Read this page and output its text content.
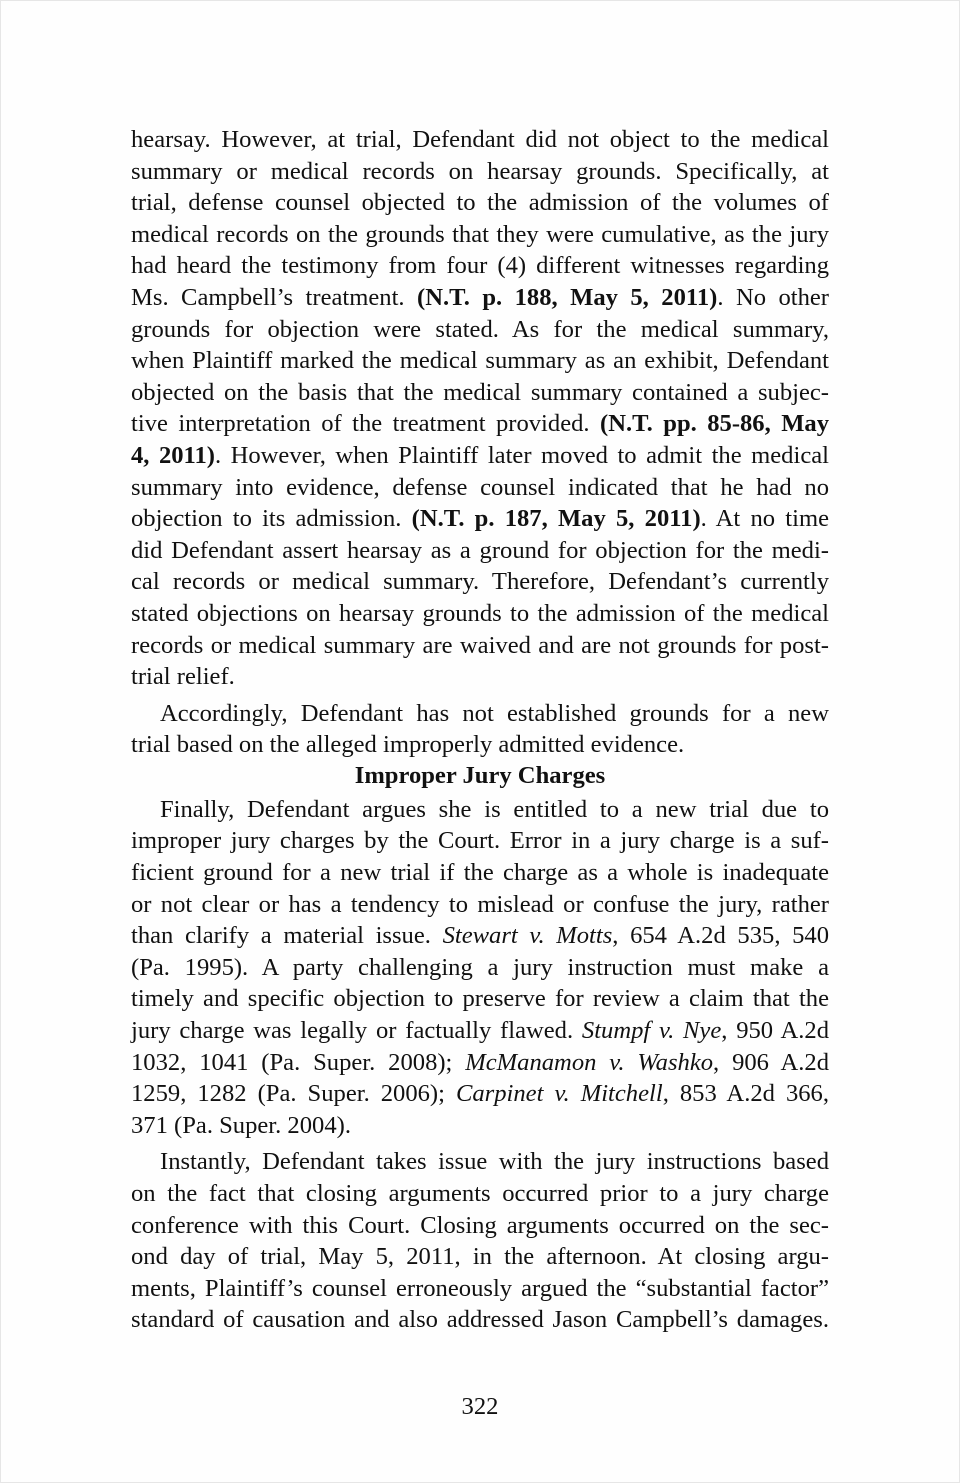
hearsay. However, at trial, Defendant did not object to the medical
summary or medical records on hearsay grounds. Specifically, at
trial, defense counsel objected to the admission of the volumes of
medical records on the grounds that they were cumulative, as the jury
had heard the testimony from four (4) different witnesses regarding
Ms. Campbell’s treatment. (N.T. p. 188, May 5, 2011). No other
grounds for objection were stated. As for the medical summary,
when Plaintiff marked the medical summary as an exhibit, Defendant
objected on the basis that the medical summary contained a subjec-
tive interpretation of the treatment provided. (N.T. pp. 85-86, May
4, 2011). However, when Plaintiff later moved to admit the medical
summary into evidence, defense counsel indicated that he had no
objection to its admission. (N.T. p. 187, May 5, 2011). At no time
did Defendant assert hearsay as a ground for objection for the medi-
cal records or medical summary. Therefore, Defendant’s currently
stated objections on hearsay grounds to the admission of the medical
records or medical summary are waived and are not grounds for post-
trial relief.
Accordingly, Defendant has not established grounds for a new
trial based on the alleged improperly admitted evidence.
Improper Jury Charges
Finally, Defendant argues she is entitled to a new trial due to
improper jury charges by the Court. Error in a jury charge is a suf-
ficient ground for a new trial if the charge as a whole is inadequate
or not clear or has a tendency to mislead or confuse the jury, rather
than clarify a material issue. Stewart v. Motts, 654 A.2d 535, 540
(Pa. 1995). A party challenging a jury instruction must make a
timely and specific objection to preserve for review a claim that the
jury charge was legally or factually flawed. Stumpf v. Nye, 950 A.2d
1032, 1041 (Pa. Super. 2008); McManamon v. Washko, 906 A.2d
1259, 1282 (Pa. Super. 2006); Carpinet v. Mitchell, 853 A.2d 366,
371 (Pa. Super. 2004).
Instantly, Defendant takes issue with the jury instructions based
on the fact that closing arguments occurred prior to a jury charge
conference with this Court. Closing arguments occurred on the sec-
ond day of trial, May 5, 2011, in the afternoon. At closing argu-
ments, Plaintiff’s counsel erroneously argued the “substantial factor”
standard of causation and also addressed Jason Campbell’s damages.
322
